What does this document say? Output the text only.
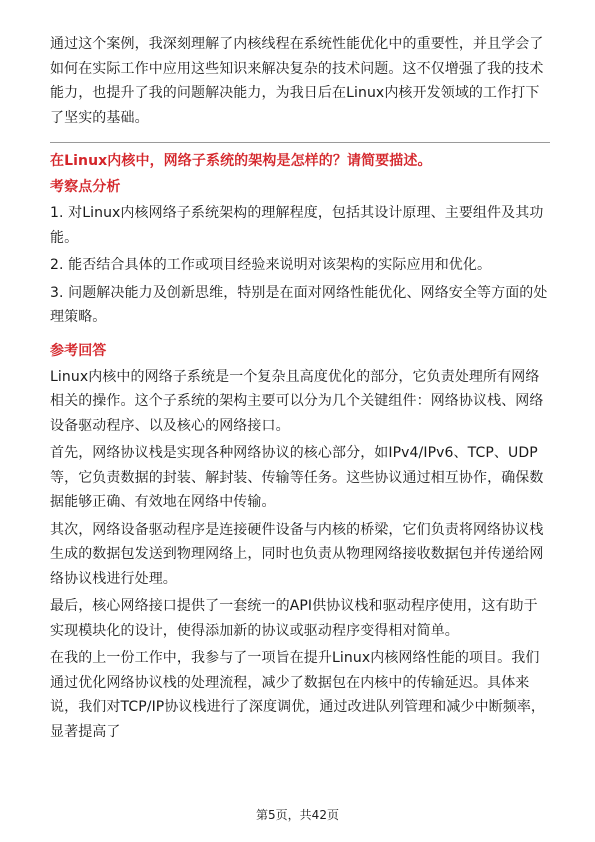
通过这个案例，我深刻理解了内核线程在系统性能优化中的重要性，并且学会了如何在实际工作中应用这些知识来解决复杂的技术问题。这不仅增强了我的技术能力，也提升了我的问题解决能力，为我日后在Linux内核开发领域的工作打下了坚实的基础。

在Linux内核中，网络子系统的架构是怎样的？请简要描述。

考察点分析

1. 对Linux内核网络子系统架构的理解程度，包括其设计原理、主要组件及其功能。

2. 能否结合具体的工作或项目经验来说明对该架构的实际应用和优化。

3. 问题解决能力及创新思维，特别是在面对网络性能优化、网络安全等方面的处理策略。

参考回答

Linux内核中的网络子系统是一个复杂且高度优化的部分，它负责处理所有网络相关的操作。这个子系统的架构主要可以分为几个关键组件：网络协议栈、网络设备驱动程序、以及核心的网络接口。

首先，网络协议栈是实现各种网络协议的核心部分，如IPv4/IPv6、TCP、UDP等，它负责数据的封装、解封装、传输等任务。这些协议通过相互协作，确保数据能够正确、有效地在网络中传输。

其次，网络设备驱动程序是连接硬件设备与内核的桥梁，它们负责将网络协议栈生成的数据包发送到物理网络上，同时也负责从物理网络接收数据包并传递给网络协议栈进行处理。

最后，核心网络接口提供了一套统一的API供协议栈和驱动程序使用，这有助于实现模块化的设计，使得添加新的协议或驱动程序变得相对简单。

在我的上一份工作中，我参与了一项旨在提升Linux内核网络性能的项目。我们通过优化网络协议栈的处理流程，减少了数据包在内核中的传输延迟。具体来说，我们对TCP/IP协议栈进行了深度调优，通过改进队列管理和减少中断频率，显著提高了

第5页，共42页
